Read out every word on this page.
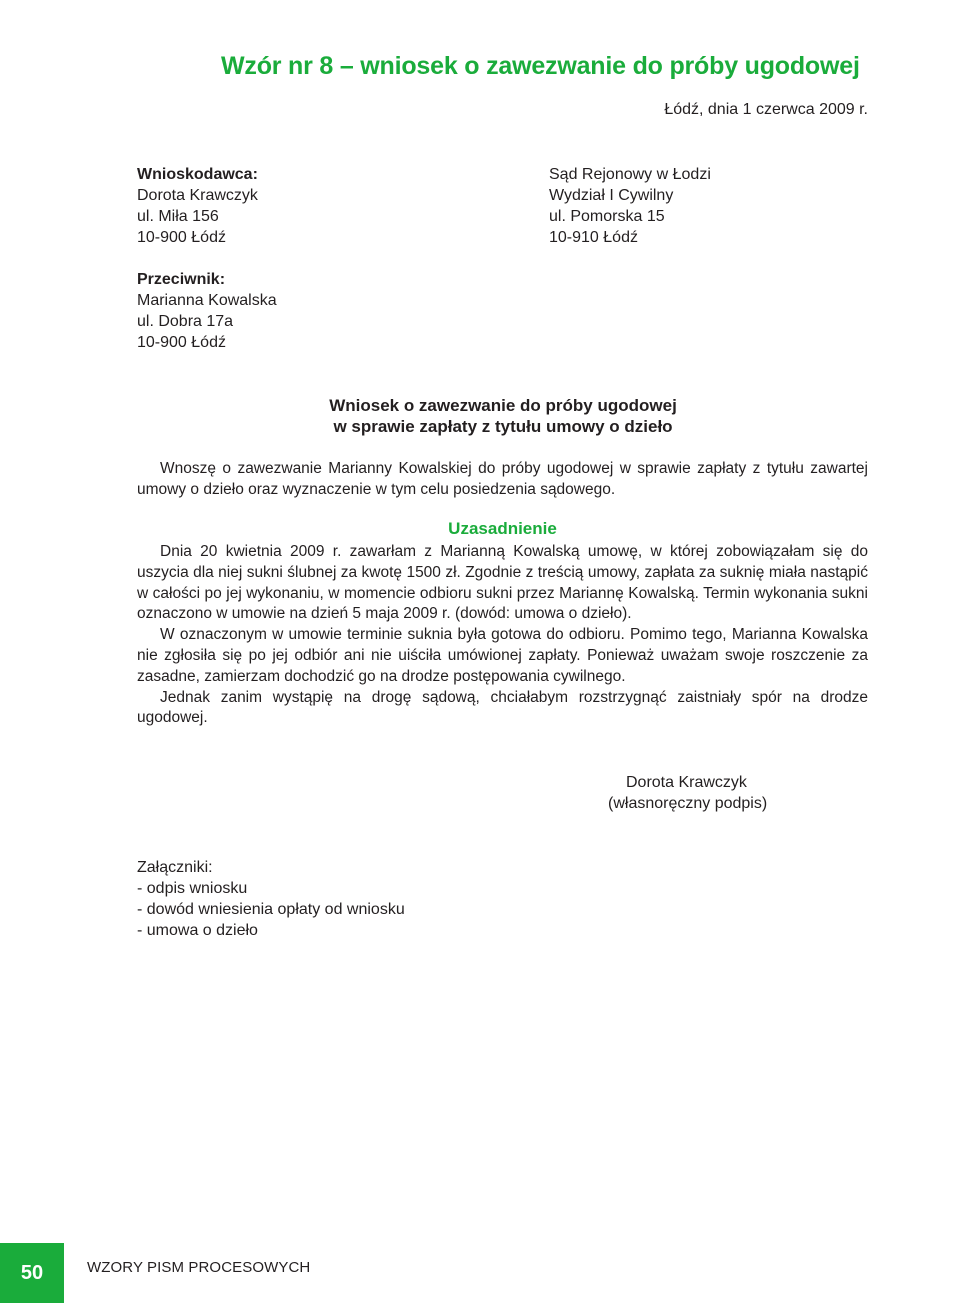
Wzór nr 8 – wniosek o zawezwanie do próby ugodowej
Łódź, dnia 1 czerwca 2009 r.
Wnioskodawca:
Dorota Krawczyk
ul. Miła 156
10-900 Łódź
Sąd Rejonowy w Łodzi
Wydział I Cywilny
ul. Pomorska 15
10-910 Łódź
Przeciwnik:
Marianna Kowalska
ul. Dobra 17a
10-900 Łódź
Wniosek o zawezwanie do próby ugodowej
w sprawie zapłaty z tytułu umowy o dzieło

Wnoszę o zawezwanie Marianny Kowalskiej do próby ugodowej w sprawie zapłaty z tytułu zawartej umowy o dzieło oraz wyznaczenie w tym celu posiedzenia sądowego.

Uzasadnienie

Dnia 20 kwietnia 2009 r. zawarłam z Marianną Kowalską umowę, w której zobowiązałam się do uszycia dla niej sukni ślubnej za kwotę 1500 zł. Zgodnie z treścią umowy, zapłata za suknię miała nastąpić w całości po jej wykonaniu, w momencie odbioru sukni przez Mariannę Kowalską. Termin wykonania sukni oznaczono w umowie na dzień 5 maja 2009 r. (dowód: umowa o dzieło).

W oznaczonym w umowie terminie suknia była gotowa do odbioru. Pomimo tego, Marianna Kowalska nie zgłosiła się po jej odbiór ani nie uiściła umówionej zapłaty. Ponieważ uważam swoje roszczenie za zasadne, zamierzam dochodzić go na drodze postępowania cywilnego.

Jednak zanim wystąpię na drogę sądową, chciałabym rozstrzygnąć zaistniały spór na drodze ugodowej.

Dorota Krawczyk
(własnoręczny podpis)
Załączniki:
- odpis wniosku
- dowód wniesienia opłaty od wniosku
- umowa o dzieło
50	WZORY PISM PROCESOWYCH
